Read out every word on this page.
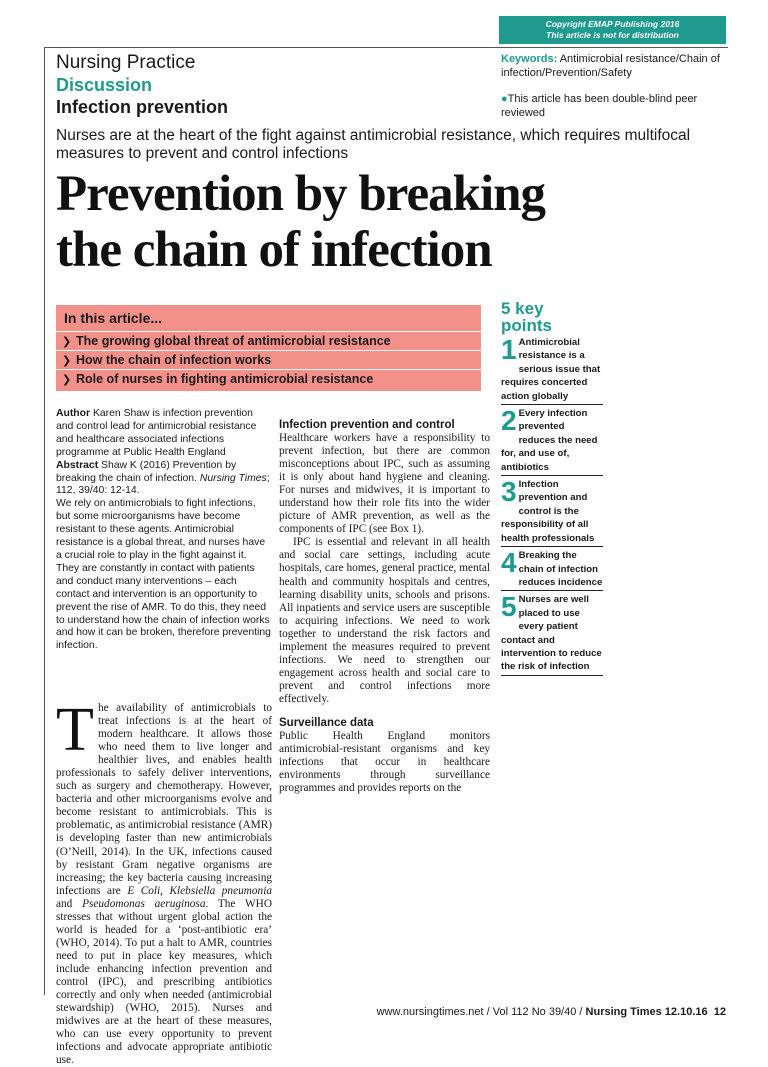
Copyright EMAP Publishing 2016
This article is not for distribution
Nursing Practice
Discussion
Infection prevention
Keywords: Antimicrobial resistance/Chain of infection/Prevention/Safety
●This article has been double-blind peer reviewed
Nurses are at the heart of the fight against antimicrobial resistance, which requires multifocal measures to prevent and control infections
Prevention by breaking
the chain of infection
In this article...
❯ The growing global threat of antimicrobial resistance
❯ How the chain of infection works
❯ Role of nurses in fighting antimicrobial resistance

Author Karen Shaw is infection prevention and control lead for antimicrobial resistance and healthcare associated infections programme at Public Health England

Abstract Shaw K (2016) Prevention by breaking the chain of infection. Nursing Times; 112, 39/40: 12-14.

We rely on antimicrobials to fight infections, but some microorganisms have become resistant to these agents. Antimicrobial resistance is a global threat, and nurses have a crucial role to play in the fight against it. They are constantly in contact with patients and conduct many interventions – each contact and intervention is an opportunity to prevent the rise of AMR. To do this, they need to understand how the chain of infection works and how it can be broken, therefore preventing infection.

The availability of antimicrobials to treat infections is at the heart of modern healthcare. It allows those who need them to live longer and healthier lives, and enables health professionals to safely deliver interventions, such as surgery and chemotherapy. However, bacteria and other microorganisms evolve and become resistant to antimicrobials. This is problematic, as antimicrobial resistance (AMR) is developing faster than new antimicrobials (O’Neill, 2014). In the UK, infections caused by resistant Gram negative organisms are increasing; the key bacteria causing increasing infections are E Coli, Klebsiella pneumonia and Pseudomonas aeruginosa. The WHO stresses that without urgent global action the world is headed for a ‘post-antibiotic era’ (WHO, 2014). To put a halt to AMR, countries need to put in place key measures, which include enhancing infection prevention and control (IPC), and prescribing antibiotics correctly and only when needed (antimicrobial stewardship) (WHO, 2015). Nurses and midwives are at the heart of these measures, who can use every opportunity to prevent infections and advocate appropriate antibiotic use.
Infection prevention and control

Healthcare workers have a responsibility to prevent infection, but there are common misconceptions about IPC, such as assuming it is only about hand hygiene and cleaning. For nurses and midwives, it is important to understand how their role fits into the wider picture of AMR prevention, as well as the components of IPC (see Box 1).

IPC is essential and relevant in all health and social care settings, including acute hospitals, care homes, general practice, mental health and community hospitals and centres, learning disability units, schools and prisons. All inpatients and service users are susceptible to acquiring infections. We need to work together to understand the risk factors and implement the measures required to prevent infections. We need to strengthen our engagement across health and social care to prevent and control infections more effectively.

Surveillance data

Public Health England monitors antimicrobial-resistant organisms and key infections that occur in healthcare environments through surveillance programmes and provides reports on the

5 key
points
1 Antimicrobial resistance is a serious issue that requires concerted action globally
2 Every infection prevented reduces the need for, and use of, antibiotics
3 Infection prevention and control is the responsibility of all health professionals
4 Breaking the chain of infection reduces incidence
5 Nurses are well placed to use every patient contact and intervention to reduce the risk of infection
www.nursingtimes.net / Vol 112 No 39/40 / Nursing Times 12.10.16 12
